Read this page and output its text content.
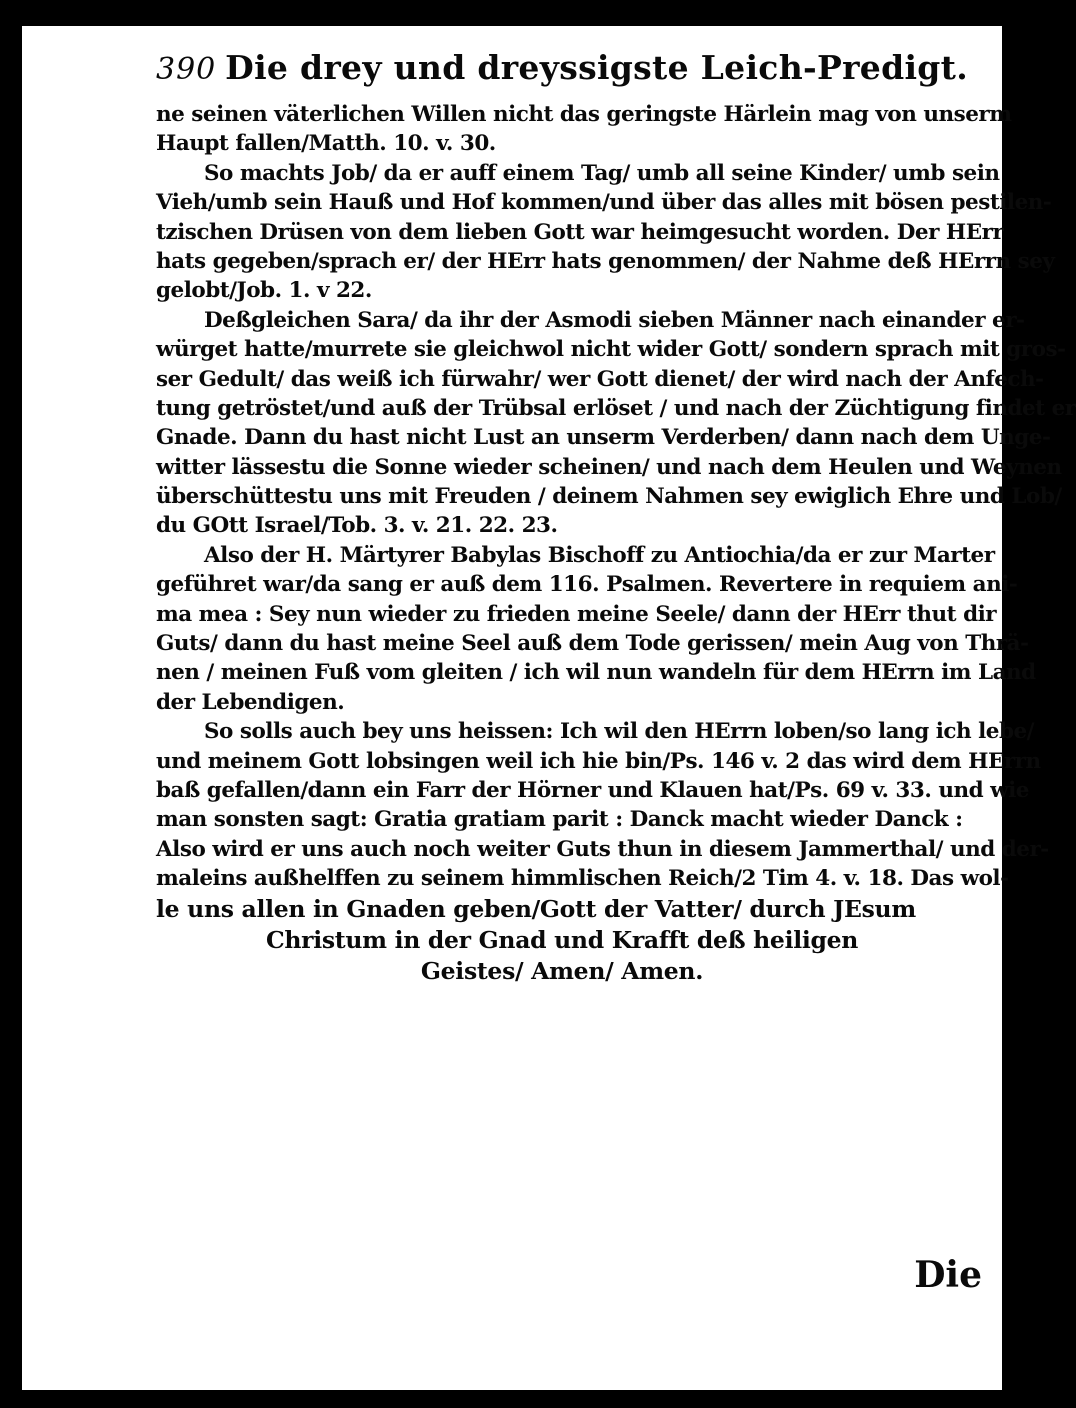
390 Die drey und dreyssigste Leich-Predigt.
ne seinen väterlichen Willen nicht das geringste Härlein mag von unserm
Haupt fallen/Matth. 10. v. 30.
So machts Job/ da er auff einem Tag/ umb all seine Kinder/ umb sein
Vieh/umb sein Hauß und Hof kommen/und über das alles mit bösen pestilen-
tzischen Drüsen von dem lieben Gott war heimgesucht worden. Der HErr
hats gegeben/sprach er/ der HErr hats genommen/ der Nahme deß HErrn sey
gelobt/Job. 1. v 22.
Deßgleichen Sara/ da ihr der Asmodi sieben Männer nach einander er-
würget hatte/murrete sie gleichwol nicht wider Gott/ sondern sprach mit gros-
ser Gedult/ das weiß ich fürwahr/ wer Gott dienet/ der wird nach der Anfech-
tung getröstet/und auß der Trübsal erlöset / und nach der Züchtigung findet er
Gnade. Dann du hast nicht Lust an unserm Verderben/ dann nach dem Unge-
witter lässestu die Sonne wieder scheinen/ und nach dem Heulen und Weynen
überschüttestu uns mit Freuden / deinem Nahmen sey ewiglich Ehre und Lob/
du GOtt Israel/Tob. 3. v. 21. 22. 23.
Also der H. Märtyrer Babylas Bischoff zu Antiochia/da er zur Marter
geführet war/da sang er auß dem 116. Psalmen. Revertere in requiem ani-
ma mea : Sey nun wieder zu frieden meine Seele/ dann der HErr thut dir
Guts/ dann du hast meine Seel auß dem Tode gerissen/ mein Aug von Thrä-
nen / meinen Fuß vom gleiten / ich wil nun wandeln für dem HErrn im Land
der Lebendigen.
So solls auch bey uns heissen: Ich wil den HErrn loben/so lang ich lebe/
und meinem Gott lobsingen weil ich hie bin/Ps. 146 v. 2 das wird dem HErrn
baß gefallen/dann ein Farr der Hörner und Klauen hat/Ps. 69 v. 33. und wie
man sonsten sagt: Gratia gratiam parit : Danck macht wieder Danck :
Also wird er uns auch noch weiter Guts thun in diesem Jammerthal/ und der-
maleins außhelffen zu seinem himmlischen Reich/2 Tim 4. v. 18. Das wol-
le uns allen in Gnaden geben/Gott der Vatter/ durch JEsum
Christum in der Gnad und Krafft deß heiligen
Geistes/ Amen/ Amen.
Die
